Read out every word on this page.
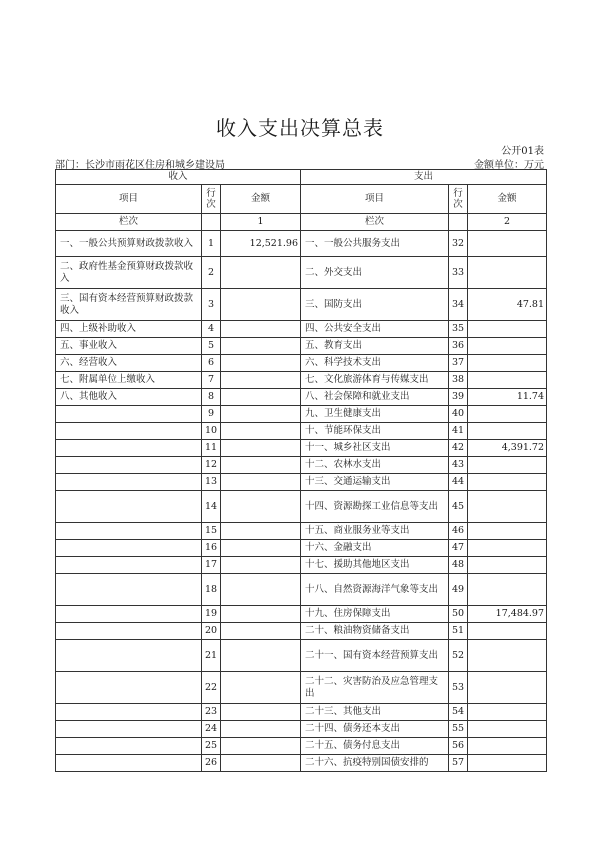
收入支出决算总表
公开01表
部门：长沙市雨花区住房和城乡建设局	金额单位：万元
收入			支出		
项目	行次	金额	项目	行次	金额
栏次		1	栏次		2
一、一般公共预算财政拨款收入	1	12,521.96	一、一般公共服务支出	32	
二、政府性基金预算财政拨款收入	2		二、外交支出	33	
三、国有资本经营预算财政拨款收入	3		三、国防支出	34	47.81
四、上级补助收入	4		四、公共安全支出	35	
五、事业收入	5		五、教育支出	36	
六、经营收入	6		六、科学技术支出	37	
七、附属单位上缴收入	7		七、文化旅游体育与传媒支出	38	
八、其他收入	8		八、社会保障和就业支出	39	11.74
	9		九、卫生健康支出	40	
	10		十、节能环保支出	41	
	11		十一、城乡社区支出	42	4,391.72
	12		十二、农林水支出	43	
	13		十三、交通运输支出	44	
	14		十四、资源勘探工业信息等支出	45	
	15		十五、商业服务业等支出	46	
	16		十六、金融支出	47	
	17		十七、援助其他地区支出	48	
	18		十八、自然资源海洋气象等支出	49	
	19		十九、住房保障支出	50	17,484.97
	20		二十、粮油物资储备支出	51	
	21		二十一、国有资本经营预算支出	52	
	22		二十二、灾害防治及应急管理支出	53	
	23		二十三、其他支出	54	
	24		二十四、债务还本支出	55	
	25		二十五、债务付息支出	56	
	26		二十六、抗疫特别国债安排的	57	
